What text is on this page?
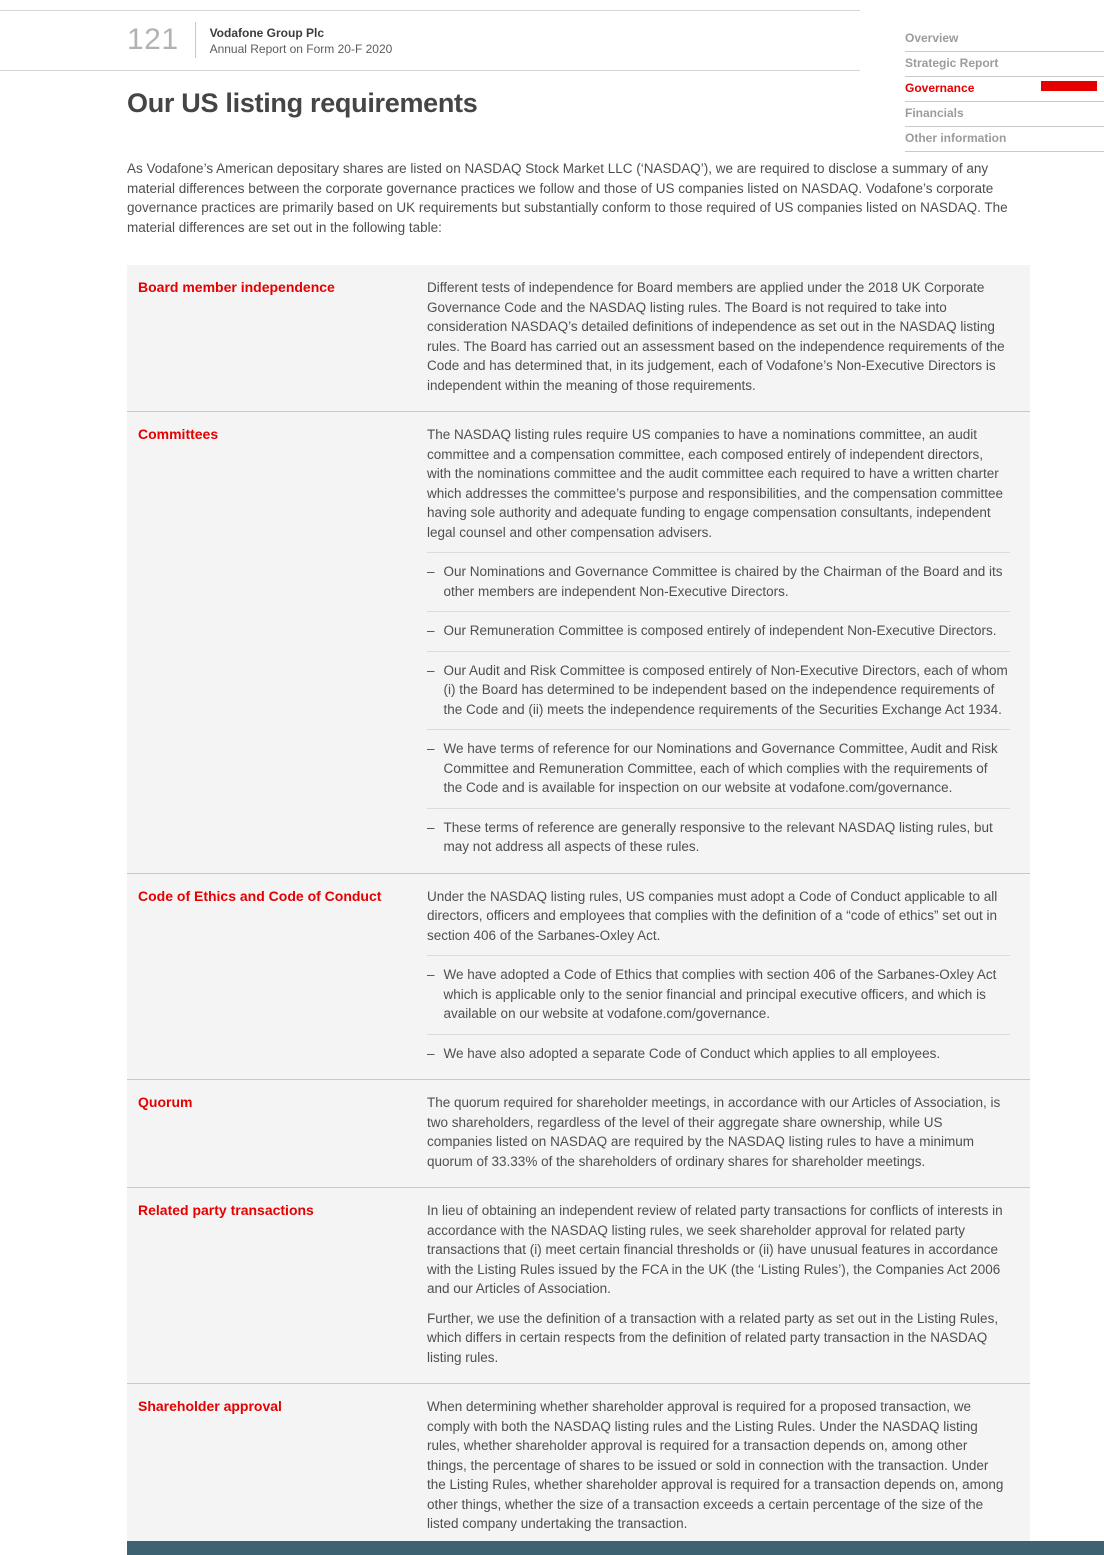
121	Vodafone Group Plc
Annual Report on Form 20-F 2020
Overview
Strategic Report
Governance
Financials
Other information
Our US listing requirements

As Vodafone’s American depositary shares are listed on NASDAQ Stock Market LLC (‘NASDAQ’), we are required to disclose a summary of any material differences between the corporate governance practices we follow and those of US companies listed on NASDAQ. Vodafone’s corporate governance practices are primarily based on UK requirements but substantially conform to those required of US companies listed on NASDAQ. The material differences are set out in the following table:

Board member independence	Different tests of independence for Board members are applied under the 2018 UK Corporate Governance Code and the NASDAQ listing rules. The Board is not required to take into consideration NASDAQ’s detailed definitions of independence as set out in the NASDAQ listing rules. The Board has carried out an assessment based on the independence requirements of the Code and has determined that, in its judgement, each of Vodafone’s Non-Executive Directors is independent within the meaning of those requirements.

Committees	The NASDAQ listing rules require US companies to have a nominations committee, an audit committee and a compensation committee, each composed entirely of independent directors, with the nominations committee and the audit committee each required to have a written charter which addresses the committee’s purpose and responsibilities, and the compensation committee having sole authority and adequate funding to engage compensation consultants, independent legal counsel and other compensation advisers.

– Our Nominations and Governance Committee is chaired by the Chairman of the Board and its other members are independent Non-Executive Directors.
– Our Remuneration Committee is composed entirely of independent Non-Executive Directors.
– Our Audit and Risk Committee is composed entirely of Non-Executive Directors, each of whom (i) the Board has determined to be independent based on the independence requirements of the Code and (ii) meets the independence requirements of the Securities Exchange Act 1934.
– We have terms of reference for our Nominations and Governance Committee, Audit and Risk Committee and Remuneration Committee, each of which complies with the requirements of the Code and is available for inspection on our website at vodafone.com/governance.
– These terms of reference are generally responsive to the relevant NASDAQ listing rules, but may not address all aspects of these rules.
Code of Ethics and Code of Conduct	Under the NASDAQ listing rules, US companies must adopt a Code of Conduct applicable to all directors, officers and employees that complies with the definition of a “code of ethics” set out in section 406 of the Sarbanes-Oxley Act.

– We have adopted a Code of Ethics that complies with section 406 of the Sarbanes-Oxley Act which is applicable only to the senior financial and principal executive officers, and which is available on our website at vodafone.com/governance.
– We have also adopted a separate Code of Conduct which applies to all employees.
Quorum	The quorum required for shareholder meetings, in accordance with our Articles of Association, is two shareholders, regardless of the level of their aggregate share ownership, while US companies listed on NASDAQ are required by the NASDAQ listing rules to have a minimum quorum of 33.33% of the shareholders of ordinary shares for shareholder meetings.

Related party transactions	In lieu of obtaining an independent review of related party transactions for conflicts of interests in accordance with the NASDAQ listing rules, we seek shareholder approval for related party transactions that (i) meet certain financial thresholds or (ii) have unusual features in accordance with the Listing Rules issued by the FCA in the UK (the ‘Listing Rules’), the Companies Act 2006 and our Articles of Association.

Further, we use the definition of a transaction with a related party as set out in the Listing Rules, which differs in certain respects from the definition of related party transaction in the NASDAQ listing rules.

Shareholder approval	When determining whether shareholder approval is required for a proposed transaction, we comply with both the NASDAQ listing rules and the Listing Rules. Under the NASDAQ listing rules, whether shareholder approval is required for a transaction depends on, among other things, the percentage of shares to be issued or sold in connection with the transaction. Under the Listing Rules, whether shareholder approval is required for a transaction depends on, among other things, whether the size of a transaction exceeds a certain percentage of the size of the listed company undertaking the transaction.
